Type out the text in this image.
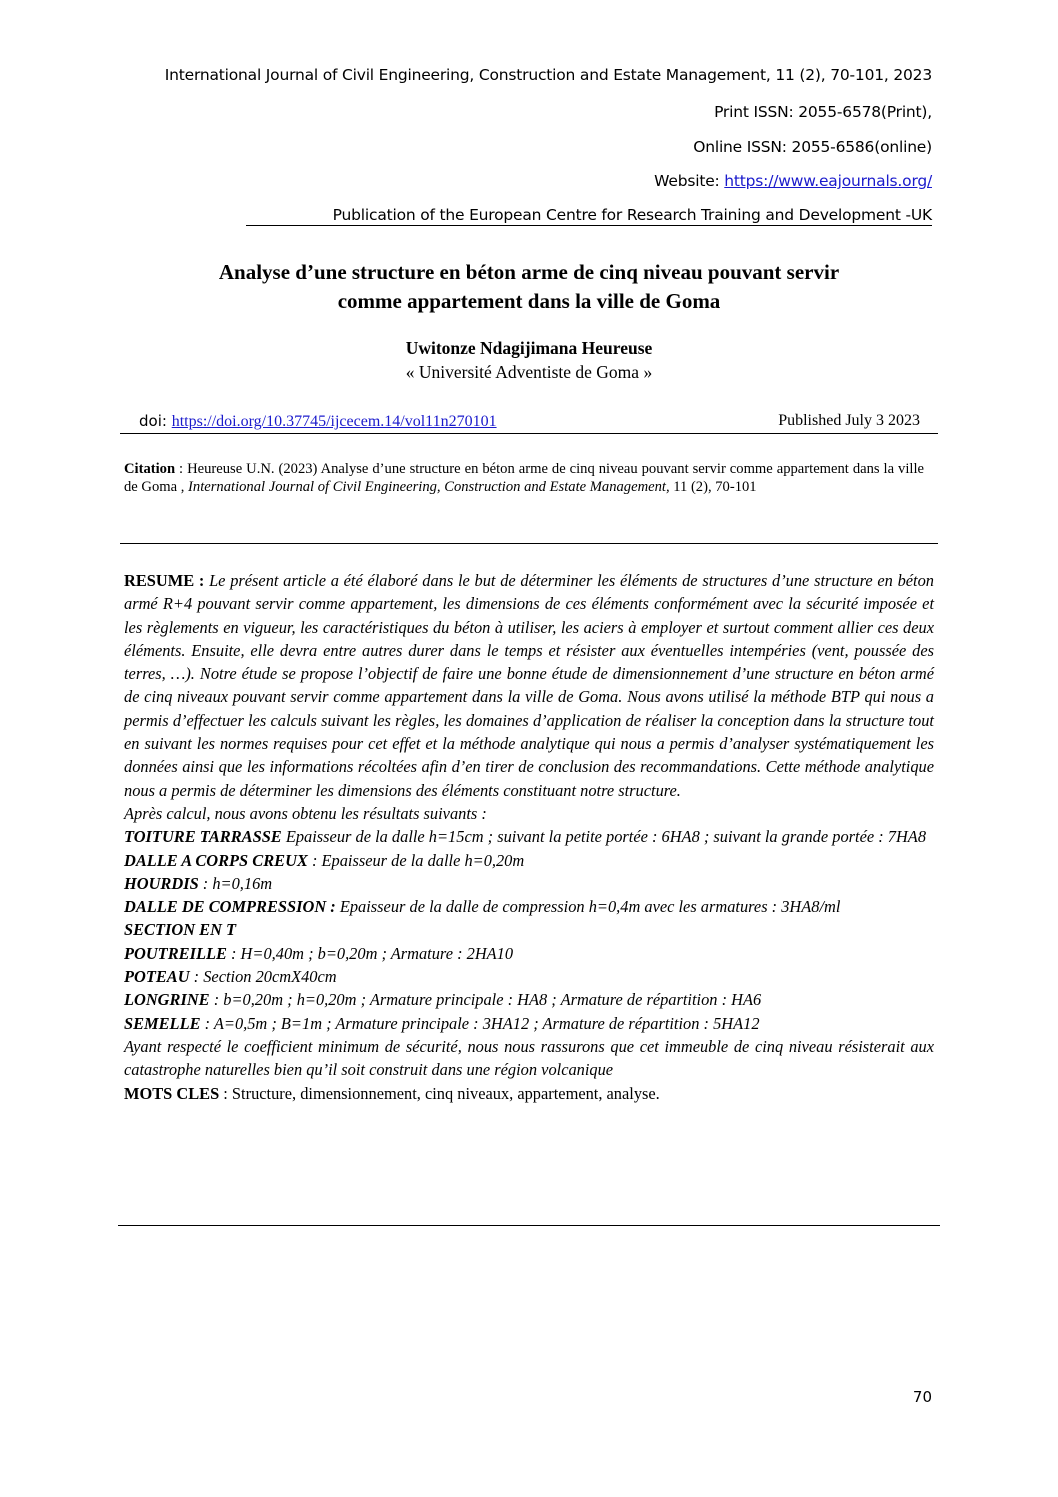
International Journal of Civil Engineering, Construction and Estate Management, 11 (2), 70-101, 2023
Print ISSN: 2055-6578(Print),
Online ISSN: 2055-6586(online)
Website: https://www.eajournals.org/
Publication of the European Centre for Research Training and Development -UK
Analyse d’une structure en béton arme de cinq niveau pouvant servir
comme appartement dans la ville de Goma
Uwitonze Ndagijimana Heureuse
« Université Adventiste de Goma »
doi: https://doi.org/10.37745/ijcecem.14/vol11n270101	Published July 3 2023
Citation : Heureuse U.N. (2023) Analyse d’une structure en béton arme de cinq niveau pouvant servir comme appartement dans la ville de Goma , International Journal of Civil Engineering, Construction and Estate Management, 11 (2), 70-101

RESUME : Le présent article a été élaboré dans le but de déterminer les éléments de structures d’une structure en béton armé R+4 pouvant servir comme appartement, les dimensions de ces éléments conformément avec la sécurité imposée et les règlements en vigueur, les caractéristiques du béton à utiliser, les aciers à employer et surtout comment allier ces deux éléments. Ensuite, elle devra entre autres durer dans le temps et résister aux éventuelles intempéries (vent, poussée des terres, …). Notre étude se propose l’objectif de faire une bonne étude de dimensionnement d’une structure en béton armé de cinq niveaux pouvant servir comme appartement dans la ville de Goma. Nous avons utilisé la méthode BTP qui nous a permis d’effectuer les calculs suivant les règles, les domaines d’application de réaliser la conception dans la structure tout en suivant les normes requises pour cet effet et la méthode analytique qui nous a permis d’analyser systématiquement les données ainsi que les informations récoltées afin d’en tirer de conclusion des recommandations. Cette méthode analytique nous a permis de déterminer les dimensions des éléments constituant notre structure.

Après calcul, nous avons obtenu les résultats suivants :

TOITURE TARRASSE Epaisseur de la dalle h=15cm ; suivant la petite portée : 6HA8 ; suivant la grande portée : 7HA8

DALLE A CORPS CREUX : Epaisseur de la dalle h=0,20m

HOURDIS : h=0,16m

DALLE DE COMPRESSION : Epaisseur de la dalle de compression h=0,4m avec les armatures : 3HA8/ml

SECTION EN T

POUTREILLE : H=0,40m ; b=0,20m ; Armature : 2HA10

POTEAU : Section 20cmX40cm

LONGRINE : b=0,20m ; h=0,20m ; Armature principale : HA8 ; Armature de répartition : HA6

SEMELLE : A=0,5m ; B=1m ; Armature principale : 3HA12 ; Armature de répartition : 5HA12

Ayant respecté le coefficient minimum de sécurité, nous nous rassurons que cet immeuble de cinq niveau résisterait aux catastrophe naturelles bien qu’il soit construit dans une région volcanique

MOTS CLES : Structure, dimensionnement, cinq niveaux, appartement, analyse.

70
